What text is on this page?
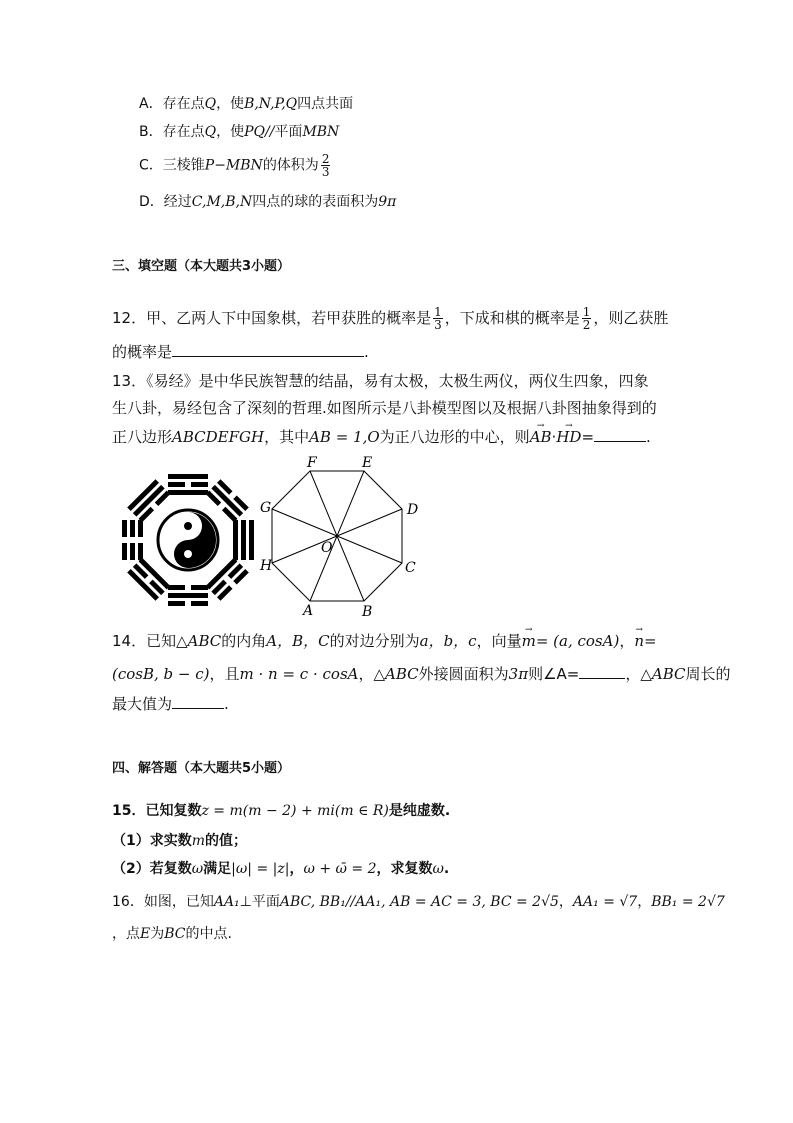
A．存在点Q，使B,N,P,Q四点共面
B．存在点Q，使PQ//平面MBN
C．三棱锥P−MBN的体积为 $\frac{2}{3}$
D．经过C,M,B,N四点的球的表面积为9π
三、填空题（本大题共3小题）
12．甲、乙两人下中国象棋，若甲获胜的概率是 $\frac{1}{3}$ ，下成和棋的概率是 $\frac{1}{2}$ ，则乙获胜
的概率是	.
13．《易经》是中华民族智慧的结晶，易有太极，太极生两仪，两仪生四象，四象
生八卦，易经包含了深刻的哲理.如图所示是八卦模型图以及根据八卦图抽象得到的
正八边形ABCDEFGH，其中AB = 1,O为正八边形的中心，则→ AB·→ HD=	.
A	B
C
D
E
F
G
H
O
14．已知△ABC的内角A，B，C的对边分别为a，b，c，向量→ m= (a, cosA)，→ n=
(cosB, b − c)，且m · n = c · cosA，△ABC外接圆面积为3π则∠A=	，△ABC周长的
最大值为	.
四、解答题（本大题共5小题）
15．已知复数z = m(m − 2) + mi(m ∈ R)是纯虚数.
（1）求实数m的值；
（2）若复数ω满足|ω| = |z|，ω + ω̄ = 2，求复数ω.
16．如图，已知AA₁⊥平面ABC, BB₁//AA₁, AB = AC = 3, BC = 2√5，AA₁ = √7，BB₁ = 2√7
，点E为BC的中点.
